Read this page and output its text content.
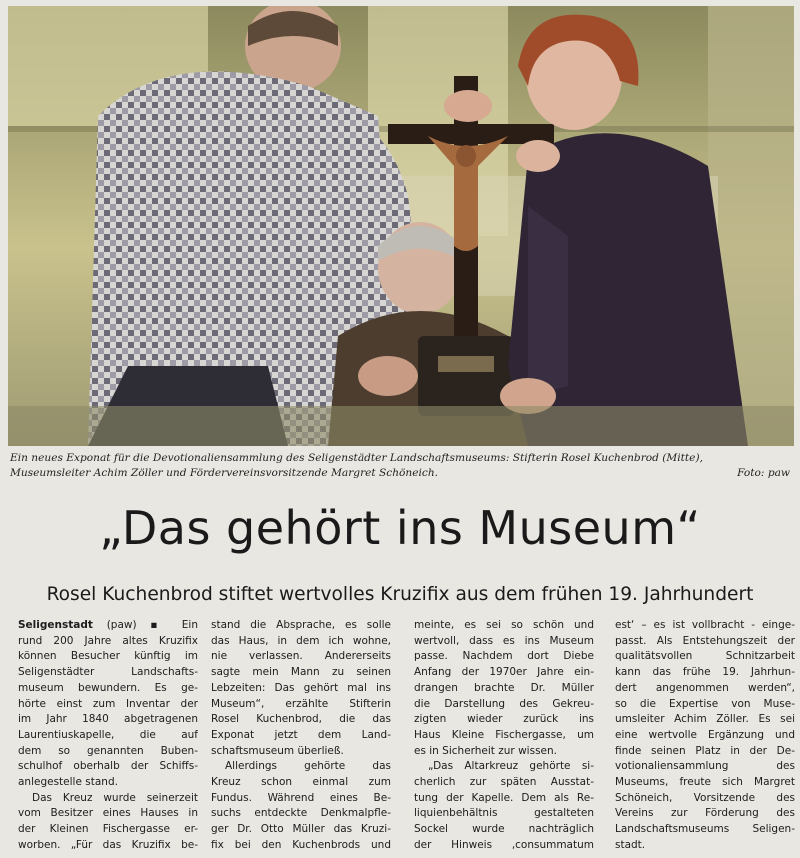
Ein neues Exponat für die Devotionaliensammlung des Seligenstädter Landschaftsmuseums: Stifterin Rosel Kuchenbrod (Mitte),
Museumsleiter Achim Zöller und Fördervereinsvorsitzende Margret Schöneich.	Foto: paw
„Das gehört ins Museum“
Rosel Kuchenbrod stiftet wertvolles Kruzifix aus dem frühen 19. Jahrhundert
Seligenstadt (paw) ▪ Ein
rund 200 Jahre altes Kruzifix
können Besucher künftig im
Seligenstädter Landschafts-
museum bewundern. Es ge-
hörte einst zum Inventar der
im Jahr 1840 abgetragenen
Laurentiuskapelle, die auf
dem so genannten Buben-
schulhof oberhalb der Schiffs-
anlegestelle stand.
Das Kreuz wurde seinerzeit
vom Besitzer eines Hauses in
der Kleinen Fischergasse er-
worben. „Für das Kruzifix be-
stand die Absprache, es solle
das Haus, in dem ich wohne,
nie verlassen. Andererseits
sagte mein Mann zu seinen
Lebzeiten: Das gehört mal ins
Museum“, erzählte Stifterin
Rosel Kuchenbrod, die das
Exponat jetzt dem Land-
schaftsmuseum überließ.
Allerdings gehörte das
Kreuz schon einmal zum
Fundus. Während eines Be-
suchs entdeckte Denkmalpfle-
ger Dr. Otto Müller das Kruzi-
fix bei den Kuchenbrods und
meinte, es sei so schön und
wertvoll, dass es ins Museum
passe. Nachdem dort Diebe
Anfang der 1970er Jahre ein-
drangen brachte Dr. Müller
die Darstellung des Gekreu-
zigten wieder zurück ins
Haus Kleine Fischergasse, um
es in Sicherheit zur wissen.
„Das Altarkreuz gehörte si-
cherlich zur späten Ausstat-
tung der Kapelle. Dem als Re-
liquienbehältnis gestalteten
Sockel wurde nachträglich
der Hinweis ‚consummatum
est‘ – es ist vollbracht - einge-
passt. Als Entstehungszeit der
qualitätsvollen Schnitzarbeit
kann das frühe 19. Jahrhun-
dert angenommen werden“,
so die Expertise von Muse-
umsleiter Achim Zöller. Es sei
eine wertvolle Ergänzung und
finde seinen Platz in der De-
votionaliensammlung des
Museums, freute sich Margret
Schöneich, Vorsitzende des
Vereins zur Förderung des
Landschaftsmuseums Seligen-
stadt.
